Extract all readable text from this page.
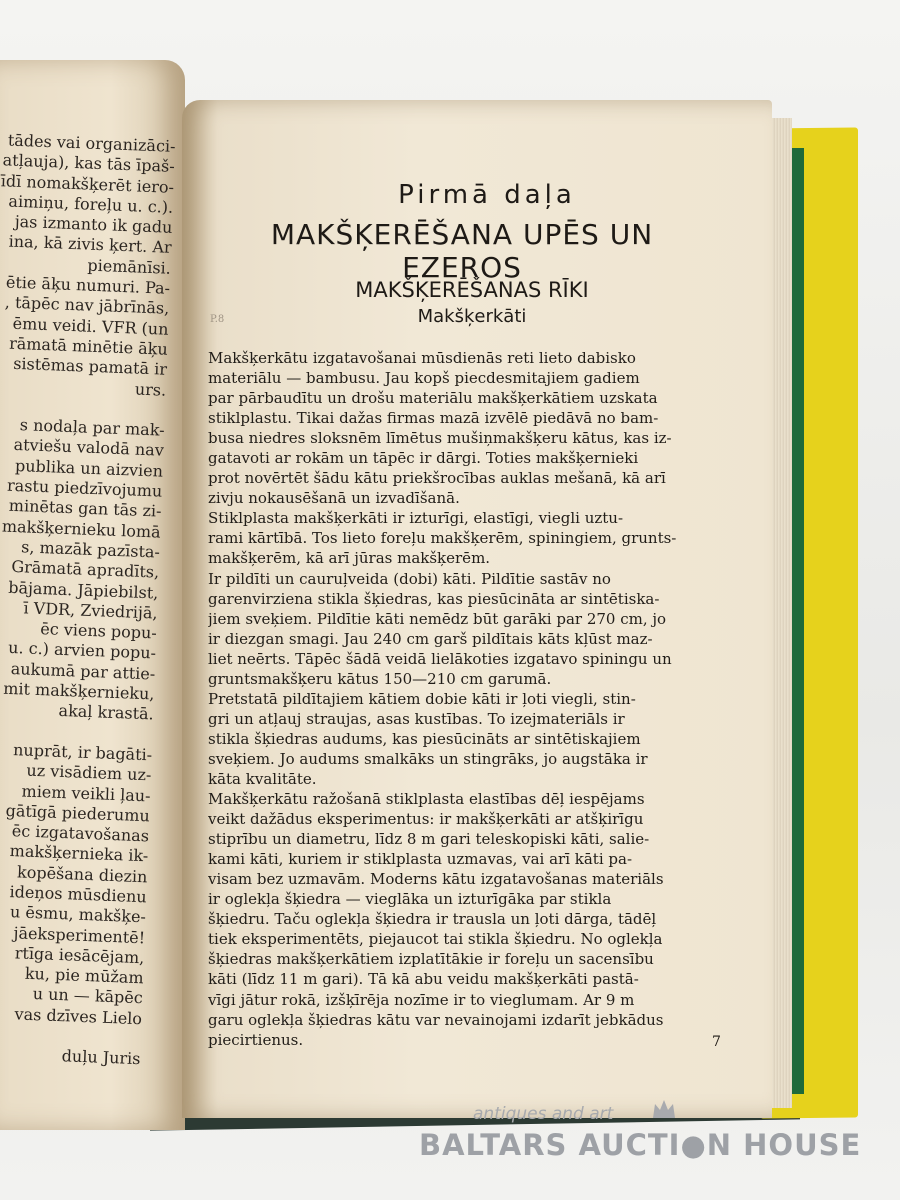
tādes vai organizāci-
atļauja), kas tās īpaš-
īdī nomakšķerēt iero-
aimiņu, foreļu u. c.).
jas izmanto ik gadu
ina, kā zivis ķert. Ar
piemānīsi.
ētie āķu numuri. Pa-
, tāpēc nav jābrīnās,
ēmu veidi. VFR (un
rāmatā minētie āķu
sistēmas pamatā ir
urs.

s nodaļa par mak-
atviešu valodā nav
publika un aizvien
rastu piedzīvojumu
minētas gan tās zi-
makšķernieku lomā
s, mazāk pazīsta-
Grāmatā apradīts,
bājama. Jāpiebilst,
ī VDR, Zviedrijā,
ēc viens popu-
u. c.) arvien popu-
aukumā par attie-
mit makšķernieku,
akaļ krastā.

nuprāt, ir bagāti-
uz visādiem uz-
miem veikli ļau-
gātīgā piederumu
ēc izgatavošanas
makšķernieka ik-
kopēšana diezin
ideņos mūsdienu
u ēsmu, makšķe-
jāeksperimentē!
rtīga iesācējam,
ku, pie mūžam
u un — kāpēc
vas dzīves Lielo

duļu Juris
Pirmā daļa
MAKŠĶERĒŠANA UPĒS UN EZEROS
MAKŠĶERĒŠANAS RĪKI
Makšķerkāti
P.8
Makšķerkātu izgatavošanai mūsdienās reti lieto dabisko
materiālu — bambusu. Jau kopš piecdesmitajiem gadiem
par pārbaudītu un drošu materiālu makšķerkātiem uzskata
stiklplastu. Tikai dažas firmas mazā izvēlē piedāvā no bam-
busa niedres sloksnēm līmētus mušiņmakšķeru kātus, kas iz-
gatavoti ar rokām un tāpēc ir dārgi. Toties makšķernieki
prot novērtēt šādu kātu priekšrocības auklas mešanā, kā arī
zivju nokausēšanā un izvadīšanā.
Stiklplasta makšķerkāti ir izturīgi, elastīgi, viegli uztu-
rami kārtībā. Tos lieto foreļu makšķerēm, spiningiem, grunts-
makšķerēm, kā arī jūras makšķerēm.
Ir pildīti un cauruļveida (dobi) kāti. Pildītie sastāv no
garenvirziena stikla šķiedras, kas piesūcināta ar sintētiska-
jiem sveķiem. Pildītie kāti nemēdz būt garāki par 270 cm, jo
ir diezgan smagi. Jau 240 cm garš pildītais kāts kļūst maz-
liet neērts. Tāpēc šādā veidā lielākoties izgatavo spiningu un
gruntsmakšķeru kātus 150—210 cm garumā.
Pretstatā pildītajiem kātiem dobie kāti ir ļoti viegli, stin-
gri un atļauj straujas, asas kustības. To izejmateriāls ir
stikla šķiedras audums, kas piesūcināts ar sintētiskajiem
sveķiem. Jo audums smalkāks un stingrāks, jo augstāka ir
kāta kvalitāte.
Makšķerkātu ražošanā stiklplasta elastības dēļ iespējams
veikt dažādus eksperimentus: ir makšķerkāti ar atšķirīgu
stiprību un diametru, līdz 8 m gari teleskopiski kāti, salie-
kami kāti, kuriem ir stiklplasta uzmavas, vai arī kāti pa-
visam bez uzmavām. Moderns kātu izgatavošanas materiāls
ir oglekļa šķiedra — vieglāka un izturīgāka par stikla
šķiedru. Taču oglekļa šķiedra ir trausla un ļoti dārga, tādēļ
tiek eksperimentēts, piejaucot tai stikla šķiedru. No oglekļa
šķiedras makšķerkātiem izplatītākie ir foreļu un sacensību
kāti (līdz 11 m gari). Tā kā abu veidu makšķerkāti pastā-
vīgi jātur rokā, izšķīrēja nozīme ir to vieglumam. Ar 9 m
garu oglekļa šķiedras kātu var nevainojami izdarīt jebkādus
piecirtienus.	7
antiques and art
BALTARS AUCTI●N HOUSE
